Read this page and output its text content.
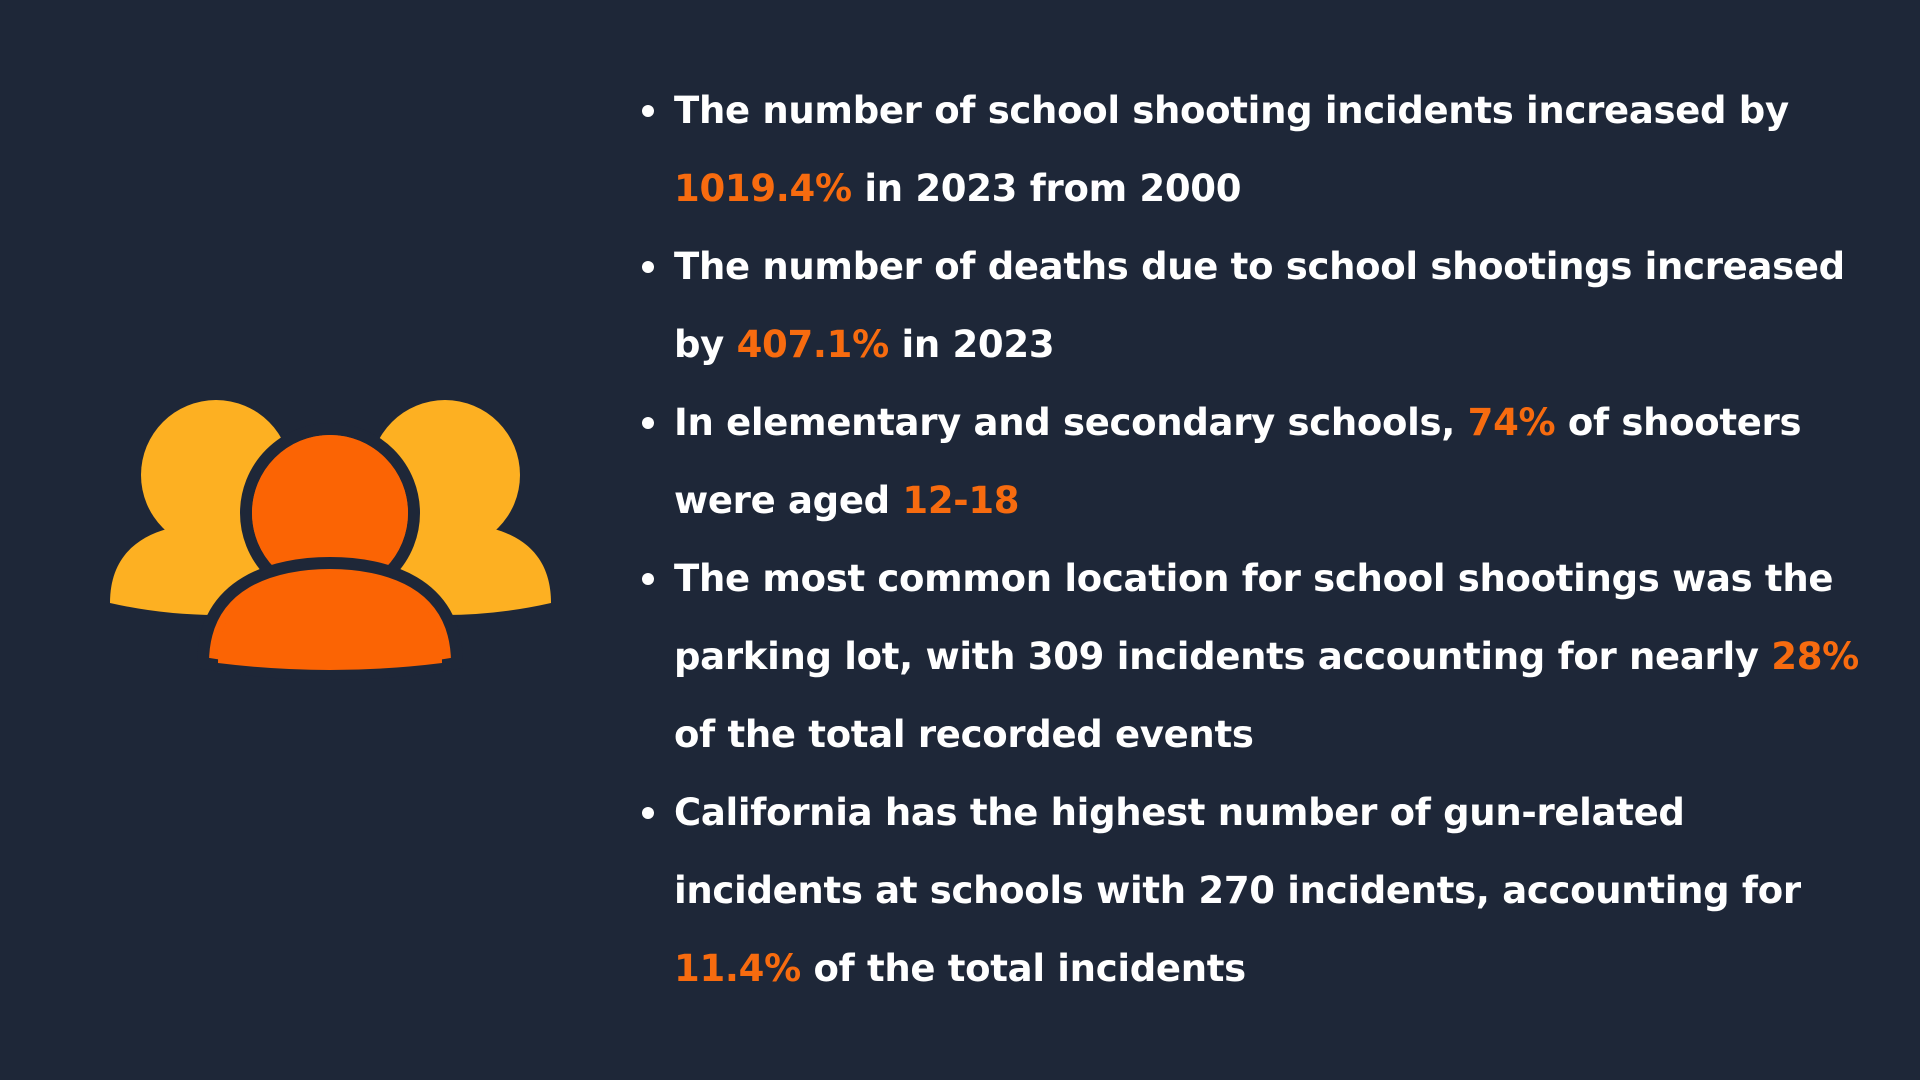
The number of school shooting incidents increased by 1019.4% in 2023 from 2000
The number of deaths due to school shootings increased by 407.1% in 2023
In elementary and secondary schools, 74% of shooters were aged 12-18
The most common location for school shootings was the parking lot, with 309 incidents accounting for nearly 28% of the total recorded events
California has the highest number of gun-related incidents at schools with 270 incidents, accounting for 11.4% of the total incidents
